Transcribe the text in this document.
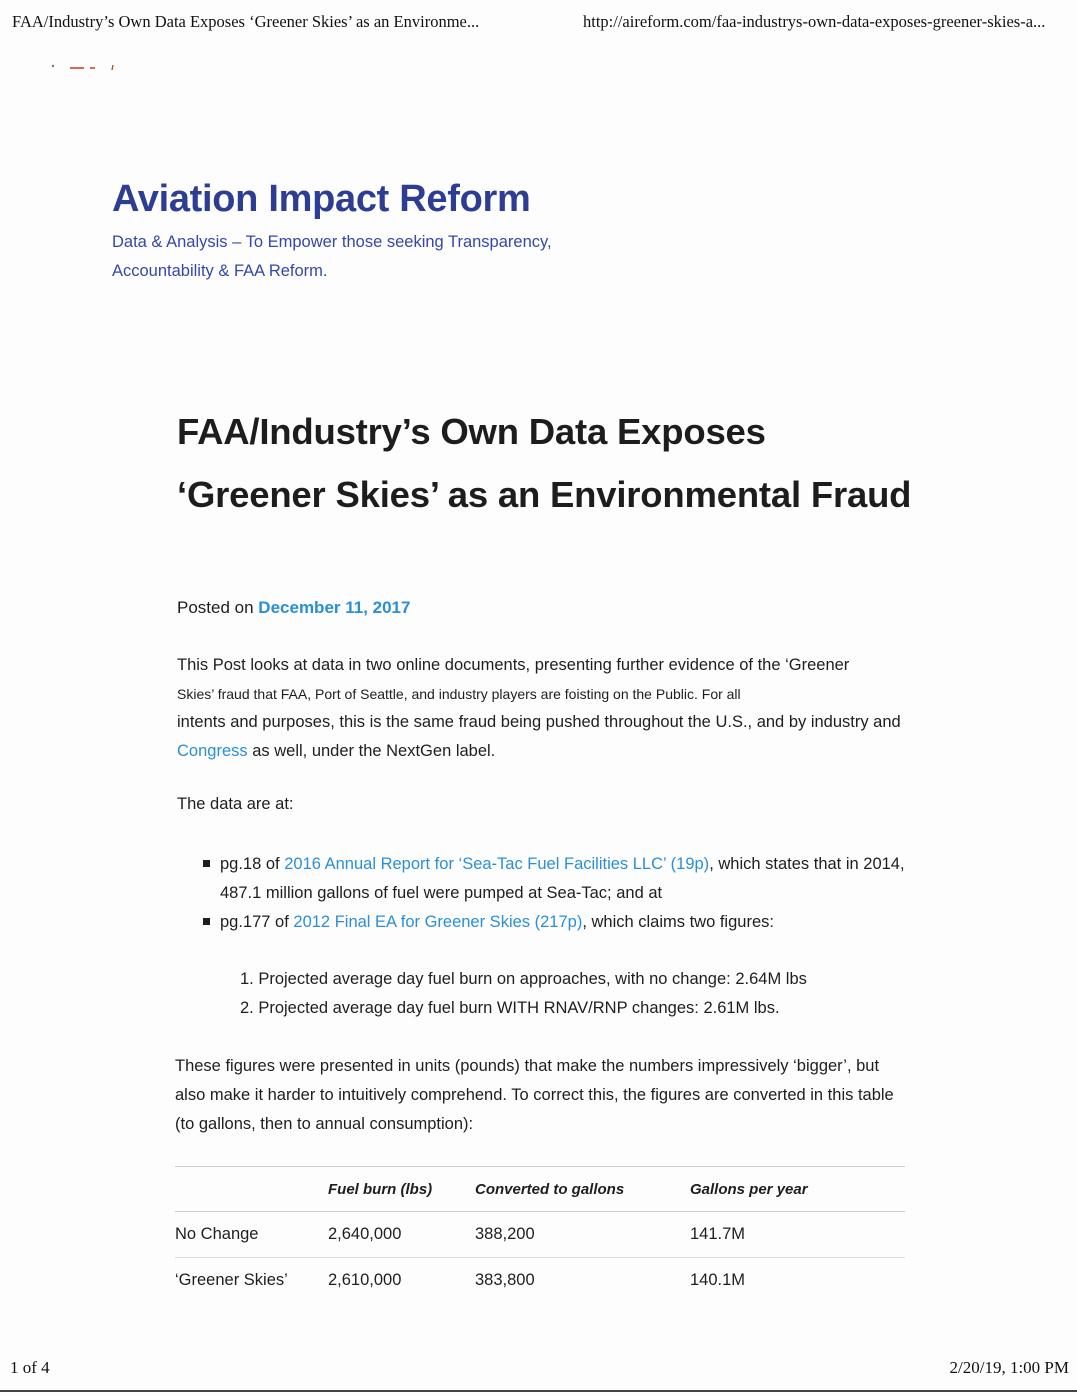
FAA/Industry’s Own Data Exposes ‘Greener Skies’ as an Environme...	http://aireform.com/faa-industrys-own-data-exposes-greener-skies-a...
Aviation Impact Reform

Data & Analysis – To Empower those seeking Transparency, Accountability & FAA Reform.

FAA/Industry’s Own Data Exposes ‘Greener Skies’ as an Environmental Fraud

Posted on December 11, 2017

This Post looks at data in two online documents, presenting further evidence of the ‘Greener
Skies’ fraud that FAA, Port of Seattle, and industry players are foisting on the Public. For all
intents and purposes, this is the same fraud being pushed throughout the U.S., and by industry and Congress as well, under the NextGen label.

The data are at:

pg.18 of 2016 Annual Report for ‘Sea-Tac Fuel Facilities LLC’ (19p), which states that in 2014, 487.1 million gallons of fuel were pumped at Sea-Tac; and at
pg.177 of 2012 Final EA for Greener Skies (217p), which claims two figures:
1. Projected average day fuel burn on approaches, with no change: 2.64M lbs
2. Projected average day fuel burn WITH RNAV/RNP changes: 2.61M lbs.

These figures were presented in units (pounds) that make the numbers impressively ‘bigger’, but also make it harder to intuitively comprehend. To correct this, the figures are converted in this table (to gallons, then to annual consumption):

	Fuel burn (lbs)	Converted to gallons	Gallons per year
No Change	2,640,000	388,200	141.7M
‘Greener Skies’	2,610,000	383,800	140.1M
1 of 4	2/20/19, 1:00 PM
